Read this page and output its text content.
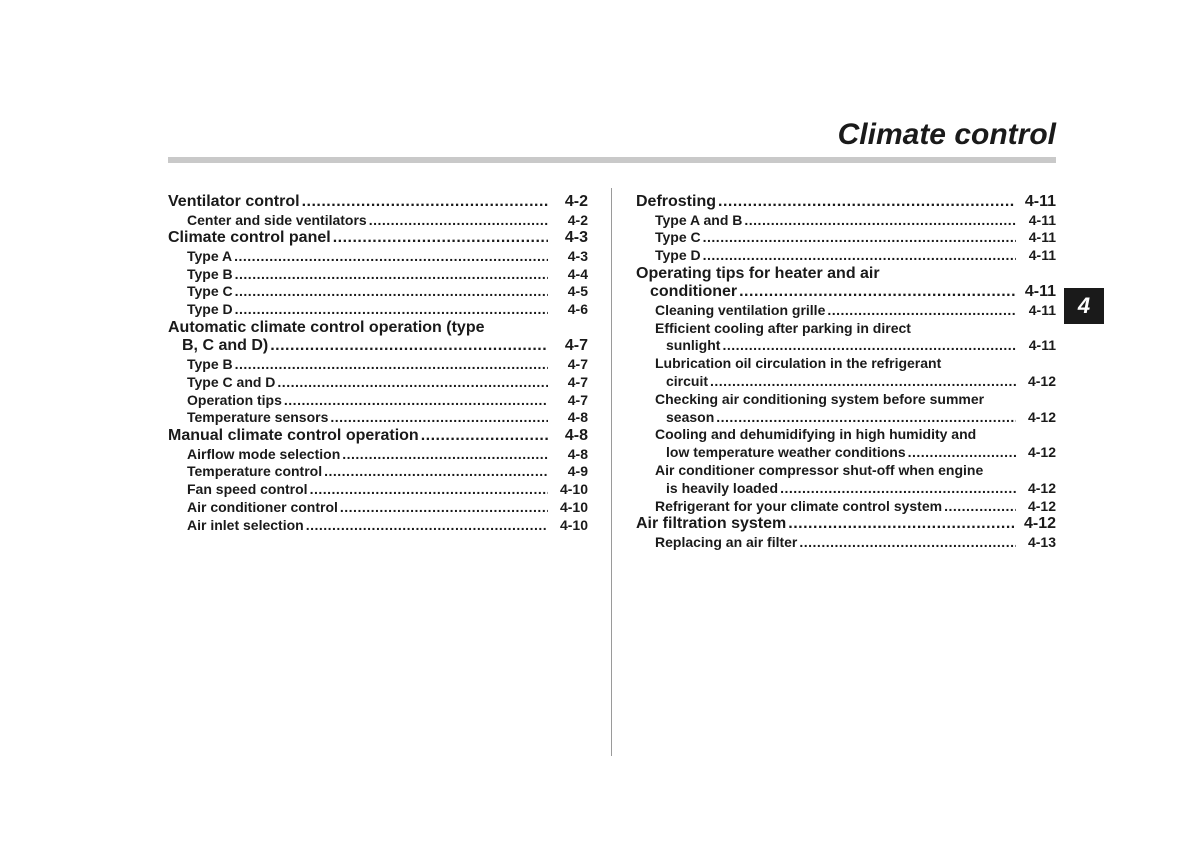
Climate control
4
Ventilator control .....	4-2
Center and side ventilators .....	4-2
Climate control panel .....	4-3
Type A .....	4-3
Type B .....	4-4
Type C .....	4-5
Type D .....	4-6
Automatic climate control operation (type
B, C and D) .....	4-7
Type B .....	4-7
Type C and D .....	4-7
Operation tips .....	4-7
Temperature sensors .....	4-8
Manual climate control operation .....	4-8
Airflow mode selection .....	4-8
Temperature control .....	4-9
Fan speed control .....	4-10
Air conditioner control .....	4-10
Air inlet selection .....	4-10
Defrosting .....	4-11
Type A and B .....	4-11
Type C .....	4-11
Type D .....	4-11
Operating tips for heater and air
conditioner .....	4-11
Cleaning ventilation grille .....	4-11
Efficient cooling after parking in direct
sunlight .....	4-11
Lubrication oil circulation in the refrigerant
circuit .....	4-12
Checking air conditioning system before summer
season .....	4-12
Cooling and dehumidifying in high humidity and
low temperature weather conditions .....	4-12
Air conditioner compressor shut-off when engine
is heavily loaded .....	4-12
Refrigerant for your climate control system .....	4-12
Air filtration system .....	4-12
Replacing an air filter .....	4-13
